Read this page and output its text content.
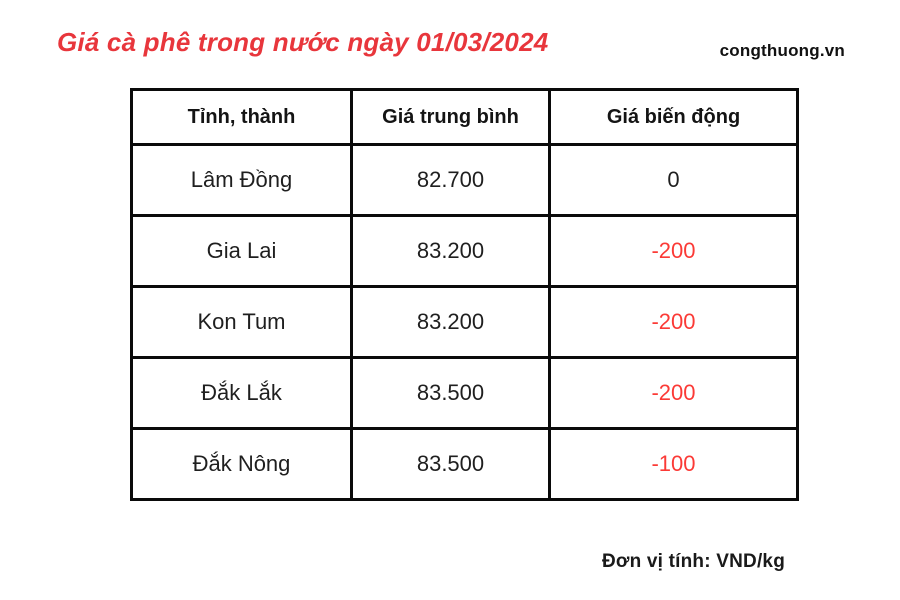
Giá cà phê trong nước ngày 01/03/2024	congthuong.vn
Tỉnh, thành	Giá trung bình	Giá biến động
Lâm Đồng	82.700	0
Gia Lai	83.200	-200
Kon Tum	83.200	-200
Đắk Lắk	83.500	-200
Đắk Nông	83.500	-100
Đơn vị tính: VND/kg
